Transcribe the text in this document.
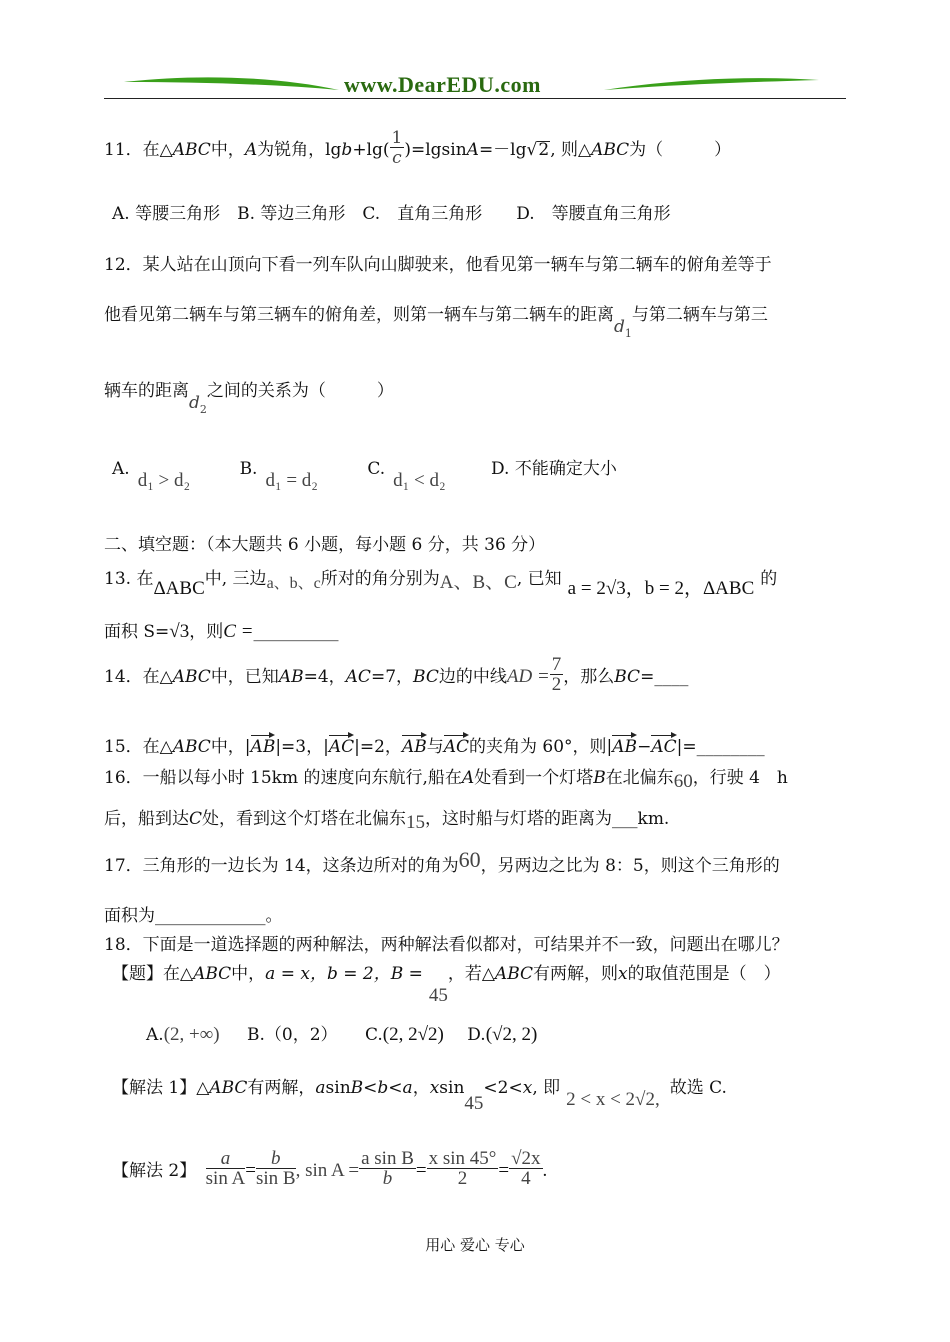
www.DearEDU.com
11．在△ABC中，A为锐角，$\lg b+\lg( \frac{1}{c} )=lgsinA=-\lg√2$, 则△ABC为（　　　）
A. 等腰三角形　B. 等边三角形　C.　直角三角形　　D.　等腰直角三角形
12．某人站在山顶向下看一列车队向山脚驶来，他看见第一辆车与第二辆车的俯角差等于
他看见第二辆车与第三辆车的俯角差，则第一辆车与第二辆车的距离$d_1$与第二辆车与第三
辆车的距离$d_2$之间的关系为（　　　）
A.d₁ > d₂ B.d₁ = d₂ C.d₁ < d₂ D. 不能确定大小
二、填空题：（本大题共 6 小题，每小题 6 分，共 36 分）
13. 在ΔABC中, 三边a、b、c所对的角分别为A、B、C, 已知 a = 2√3，b = 2，ΔABC 的
面积 S=√3，则C =__________
14．在△ABC中，已知AB=4，AC=7，BC边的中线AD = $\frac{7}{2}$ ，那么BC=____
15．在△ABC中，|AB|=3，|AC|=2，AB与AC的夹角为 60°，则|AB−AC|=________
16．一船以每小时 15km 的速度向东航行,船在A处看到一个灯塔B在北偏东60，行驶 4　h
后，船到达C处，看到这个灯塔在北偏东15，这时船与灯塔的距离为___km.
17．三角形的一边长为 14，这条边所对的角为60，另两边之比为 8：5，则这个三角形的
面积为_____________。
18．下面是一道选择题的两种解法，两种解法看似都对，可结果并不一致，问题出在哪儿？
【题】在△ABC中，a = x，b = 2，B =45，若△ABC有两解，则x的取值范围是（　）
A.(2, +∞) B.（0，2） C.(2, 2√2) D.(√2, 2)
【解法 1】△ABC有两解，asinB<b<a，xsin45<2<x, 即2 < x < 2√2,故选 C.
【解法 2】 $\frac{a}{\text{sin A}} = \frac{b}{\text{sin B}}$ , $\sin A = \frac{\text{a sin B}}{b} = \frac{\text{x sin 45°}}{2} = \frac{√2x}{4}$ .
用心 爱心 专心
